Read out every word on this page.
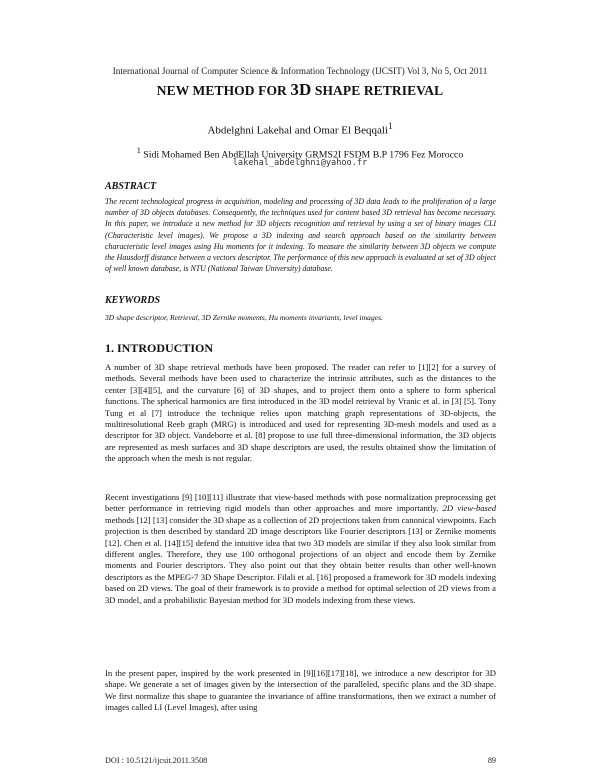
International Journal of Computer Science & Information Technology (IJCSIT) Vol 3, No 5, Oct 2011
NEW METHOD FOR 3D SHAPE RETRIEVAL
Abdelghni Lakehal and Omar El Beqqali$^1$
$^1$ Sidi Mohamed Ben AbdEllah University GRMS2I FSDM B.P 1796 Fez Morocco
lakehal_abdelghni@yahoo.fr
ABSTRACT

The recent technological progress in acquisition, modeling and processing of 3D data leads to the proliferation of a large number of 3D objects databases. Consequently, the techniques used for content based 3D retrieval has become necessary. In this paper, we introduce a new method for 3D objects recognition and retrieval by using a set of binary images CLI (Characteristic level images). We propose a 3D indexing and search approach based on the similarity between characteristic level images using Hu moments for it indexing. To measure the similarity between 3D objects we compute the Hausdorff distance between a vectors descriptor. The performance of this new approach is evaluated at set of 3D object of well known database, is NTU (National Taiwan University) database.

KEYWORDS

3D shape descriptor, Retrieval, 3D Zernike moments, Hu moments invariants, level images.

1. INTRODUCTION

A number of 3D shape retrieval methods have been proposed. The reader can refer to [1][2] for a survey of methods. Several methods have been used to characterize the intrinsic attributes, such as the distances to the center [3][4][5], and the curvature [6] of 3D shapes, and to project them onto a sphere to form spherical functions. The spherical harmonics are first introduced in the 3D model retrieval by Vranic et al. in [3] [5]. Tony Tung et al [7] introduce the technique relies upon matching graph representations of 3D-objects, the multiresolutional Reeb graph (MRG) is introduced and used for representing 3D-mesh models and used as a descriptor for 3D object. Vandeborre et al. [8] propose to use full three-dimensional information, the 3D objects are represented as mesh surfaces and 3D shape descriptors are used, the results obtained show the limitation of the approach when the mesh is not regular.

Recent investigations [9] [10][11] illustrate that view-based methods with pose normalization preprocessing get better performance in retrieving rigid models than other approaches and more importantly. 2D view-based methods [12] [13] consider the 3D shape as a collection of 2D projections taken from canonical viewpoints. Each projection is then described by standard 2D image descriptors like Fourier descriptors [13] or Zernike moments [12]. Chen et al. [14][15] defend the intuitive idea that two 3D models are similar if they also look similar from different angles. Therefore, they use 100 orthogonal projections of an object and encode them by Zernike moments and Fourier descriptors. They also point out that they obtain better results than other well-known descriptors as the MPEG-7 3D Shape Descriptor. Filali et al. [16] proposed a framework for 3D models indexing based on 2D views. The goal of their framework is to provide a method for optimal selection of 2D views from a 3D model, and a probabilistic Bayesian method for 3D models indexing from these views.

In the present paper, inspired by the work presented in [9][16][17][18], we introduce a new descriptor for 3D shape. We generate a set of images given by the intersection of the paralleled, specific plans and the 3D shape. We first normalize this shape to guarantee the invariance of affine transformations, then we extract a number of images called LI (Level Images), after using

DOI : 10.5121/ijcsit.2011.3508	89
